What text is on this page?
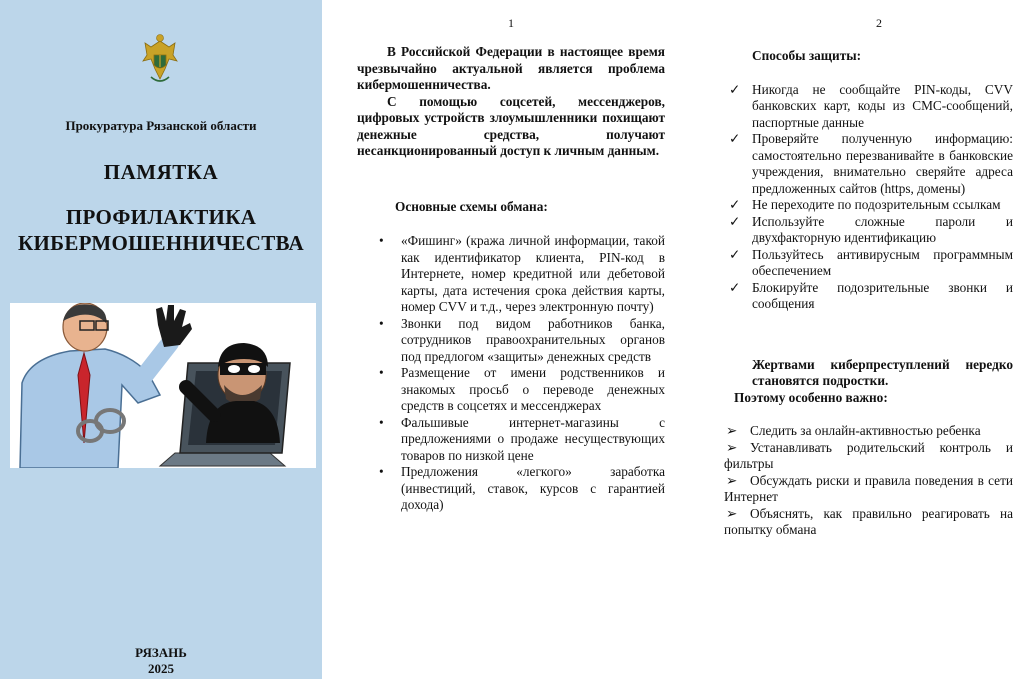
Прокуратура Рязанской области
ПАМЯТКА
ПРОФИЛАКТИКА
КИБЕРМОШЕННИЧЕСТВА
РЯЗАНЬ
2025
1	2
В Российской Федерации в настоящее время чрезвычайно актуальной является проблема кибермошенничества.
С помощью соцсетей, мессенджеров, цифровых устройств злоумышленники похищают денежные средства, получают несанкционированный доступ к личным данным.
Основные схемы обмана:
• «Фишинг» (кража личной информации, такой как идентификатор клиента, PIN-код в Интернете, номер кредитной или дебетовой карты, дата истечения срока действия карты, номер CVV и т.д., через электронную почту)
• Звонки под видом работников банка, сотрудников правоохранительных органов под предлогом «защиты» денежных средств
• Размещение от имени родственников и знакомых просьб о переводе денежных средств в соцсетях и мессенджерах
• Фальшивые интернет-магазины с предложениями о продаже несуществующих товаров по низкой цене
• Предложения «легкого» заработка (инвестиций, ставок, курсов с гарантией дохода)
Способы защиты:
✓ Никогда не сообщайте PIN-коды, CVV банковских карт, коды из СМС-сообщений, паспортные данные
✓ Проверяйте полученную информацию: самостоятельно перезванивайте в банковские учреждения, внимательно сверяйте адреса предложенных сайтов (https, домены)
✓ Не переходите по подозрительным ссылкам
✓ Используйте сложные пароли и двухфакторную идентификацию
✓ Пользуйтесь антивирусным программным обеспечением
✓ Блокируйте подозрительные звонки и сообщения
Жертвами киберпреступлений нередко становятся подростки.
Поэтому особенно важно:
➢ Следить за онлайн-активностью ребенка
➢ Устанавливать родительский контроль и фильтры
➢ Обсуждать риски и правила поведения в сети Интернет
➢ Объяснять, как правильно реагировать на попытку обмана
